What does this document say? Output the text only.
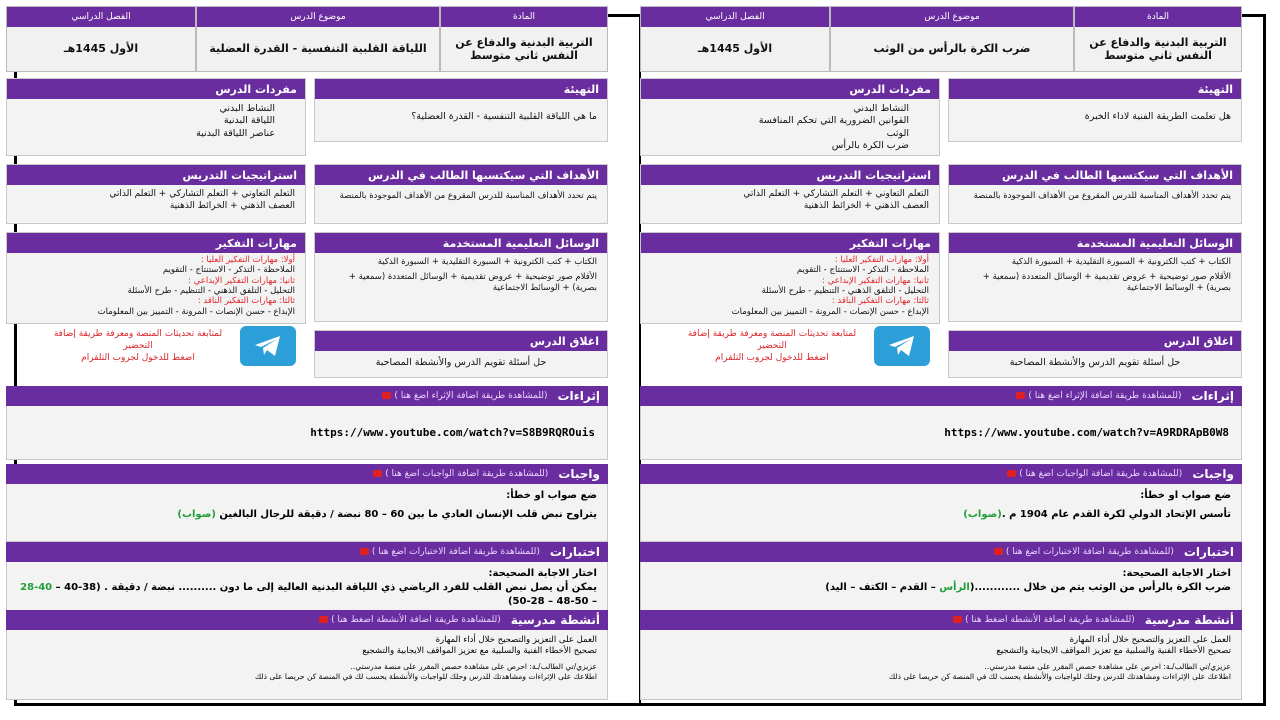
المادة
التربية البدنية والدفاع عن النفس ثاني متوسط
موضوع الدرس
ضرب الكرة بالرأس من الوثب
الفصل الدراسي
الأول 1445هـ
التهيئة
هل تعلمت الطريقة الفنية لاداء الخبرة
مفردات الدرس
النشاط البدني
القوانين الضرورية التي تحكم المنافسة
الوثب
ضرب الكرة بالرأس
الأهداف التي سيكتسبها الطالب في الدرس
يتم تحدد الأهداف المناسبة للدرس المقروع من الأهداف الموجودة بالمنصة
استراتيجيات التدريس
التعلم التعاوني + التعلم التشاركي + التعلم الذاتي
العصف الذهني + الخرائط الذهنية
الوسائل التعليمية المستخدمة
الكتاب + كتب الكترونية + السبورة التقليدية + السبورة الذكية
الأقلام صور توضيحية + عروض تقديمية + الوسائل المتعددة (سمعية + بصرية) + الوسائط الاجتماعية
مهارات التفكير
أولا: مهارات التفكير العليا :
الملاحظة - التذكر - الاستنتاج - التقويم
ثانيا: مهارات التفكير الإبداعي :
التحليل - التلفق الذهني - التنظيم - طرح الأسئلة
ثالثا: مهارات التفكير الناقد :
الإبداع - حسن الإنصات - المرونة - التمييز بين المعلومات
اغلاق الدرس
حل أسئلة تقويم الدرس والأنشطة المصاحبة
لمتابعة تحديثات المنصة ومعرفة طريقة إضافة التحضير
اضغط للدخول لجروب التلقرام
إثراءات
(للمشاهدة طريقة اضافة الإثراء اضغ هنا )
https://www.youtube.com/watch?v=A9RDRApB0W8
واجبات
(للمشاهدة طريقة اضافة الواجبات اضغ هنا )
ضع صواب او خطأ:
تأسس الإتحاد الدولي لكرة القدم عام 1904 م .(صواب)
اختبارات
(للمشاهدة طريقة اضافة الاختبارات اضغ هنا )
اختار الاجابة الصحيحة:
ضرب الكرة بالرأس من الوثب يتم من خلال ............(الرأس – القدم – الكتف – اليد)
أنشطة مدرسية
(للمشاهدة طريقة اضافة الأنشطة اضغط هنا )
العمل على التعزيز والتصحيح خلال أداء المهارة
تصحيح الأخطاء الفنية والسلبية مع تعزيز المواقف الايجابية والتشجيع
عزيزي/تي الطالب/ـة: احرص على مشاهدة حصص المقرر على منصة مدرستي..
اطلاعك على الإثراءات ومشاهدتك للدرس وحلك للواجبات والأنشطة يحسب لك في المنصة كن حريصا على ذلك
المادة
التربية البدنية والدفاع عن النفس ثاني متوسط
موضوع الدرس
اللياقة القلبية التنفسية - القدرة العضلية
الفصل الدراسي
الأول 1445هـ
التهيئة
ما هي اللياقة القلبية التنفسية - القدرة العضلية؟
مفردات الدرس
النشاط البدني
اللياقة البدنية
عناصر اللياقة البدنية
الأهداف التي سيكتسبها الطالب في الدرس
يتم تحدد الأهداف المناسبة للدرس المقروع من الأهداف الموجودة بالمنصة
استراتيجيات التدريس
التعلم التعاوني + التعلم التشاركي + التعلم الذاتي
العصف الذهني + الخرائط الذهنية
الوسائل التعليمية المستخدمة
الكتاب + كتب الكترونية + السبورة التقليدية + السبورة الذكية
الأقلام صور توضيحية + عروض تقديمية + الوسائل المتعددة (سمعية + بصرية) + الوسائط الاجتماعية
مهارات التفكير
أولا: مهارات التفكير العليا :
الملاحظة - التذكر - الاستنتاج - التقويم
ثانيا: مهارات التفكير الإبداعي :
التحليل - التلفق الذهني - التنظيم - طرح الأسئلة
ثالثا: مهارات التفكير الناقد :
الإبداع - حسن الإنصات - المرونة - التمييز بين المعلومات
اغلاق الدرس
حل أسئلة تقويم الدرس والأنشطة المصاحبة
لمتابعة تحديثات المنصة ومعرفة طريقة إضافة التحضير
اضغط للدخول لجروب التلقرام
إثراءات
(للمشاهدة طريقة اضافة الإثراء اضغ هنا )
https://www.youtube.com/watch?v=S8B9RQROuis
واجبات
(للمشاهدة طريقة اضافة الواجبات اضغ هنا )
ضع صواب او خطأ:
يتراوح نبض قلب الإنسان العادي ما بين 60 – 80 نبضة / دقيقة للرجال البالغين (صواب)
اختبارات
(للمشاهدة طريقة اضافة الاختبارات اضغ هنا )
اختار الاجابة الصحيحة:
يمكن أن يصل نبض القلب للفرد الرياضي ذي اللياقة البدنية العالية إلى ما دون .......... نبضة / دقيقة . (38-40 – 40-28 – 50-48 – 28-50)
أنشطة مدرسية
(للمشاهدة طريقة اضافة الأنشطة اضغط هنا )
العمل على التعزيز والتصحيح خلال أداء المهارة
تصحيح الأخطاء الفنية والسلبية مع تعزيز المواقف الايجابية والتشجيع
عزيزي/تي الطالب/ـة: احرص على مشاهدة حصص المقرر على منصة مدرستي..
اطلاعك على الإثراءات ومشاهدتك للدرس وحلك للواجبات والأنشطة يحسب لك في المنصة كن حريصا على ذلك
